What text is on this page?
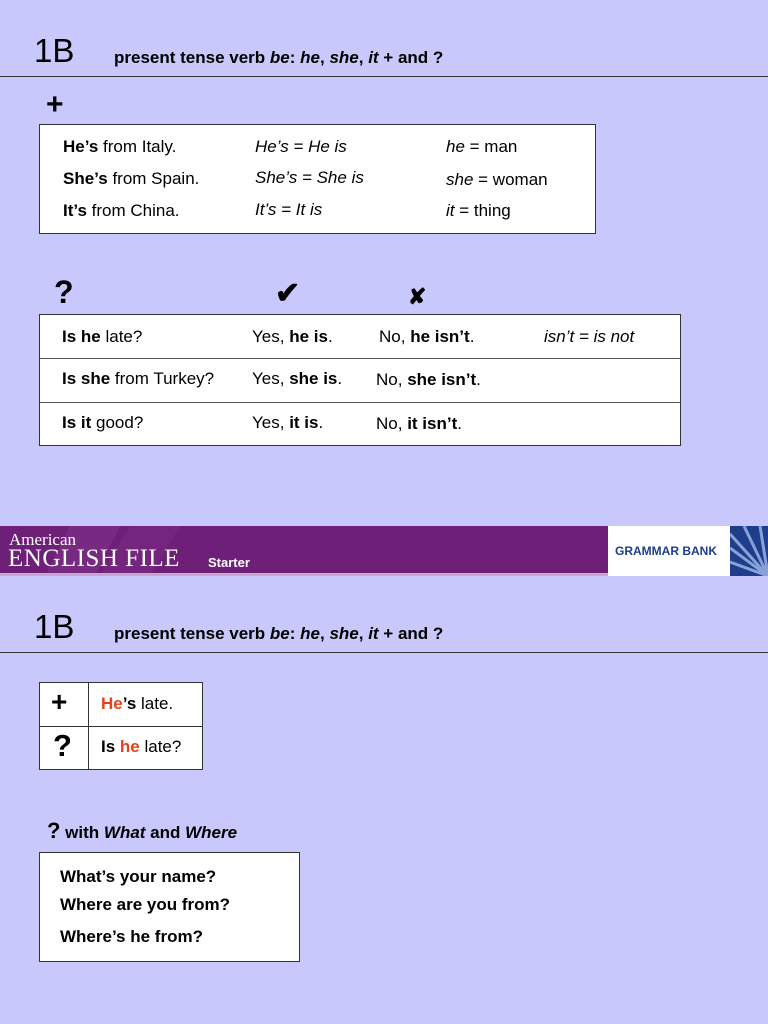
1B present tense verb be: he, she, it + and ?
+
He’s from Italy.	He’s = He is	he = man
She’s from Spain.	She’s = She is	she = woman
It’s from China.	It’s = It is	it = thing
?	✔	✘
Is he late?	Yes, he is.	No, he isn’t.	isn’t = is not
Is she from Turkey? Yes, she is. No, she isn’t.
Is it good?	Yes, it is.	No, it isn’t.
American
ENGLISH FILE Starter
GRAMMAR BANK
1B present tense verb be: he, she, it + and ?
+ He’s late.
? Is he late?
? with What and Where
What’s your name?
Where are you from?
Where’s he from?
